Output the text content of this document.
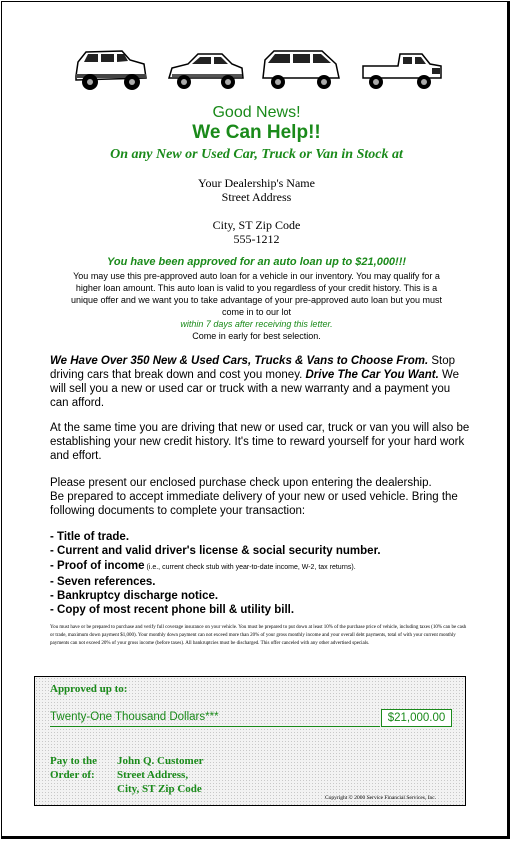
Good News!
We Can Help!!
On any New or Used Car, Truck or Van in Stock at
Your Dealership's Name
Street Address
City, ST Zip Code
555-1212
You have been approved for an auto loan up to $21,000!!!
You may use this pre-approved auto loan for a vehicle in our inventory. You may qualify for a
higher loan amount. This auto loan is valid to you regardless of your credit history. This is a
unique offer and we want you to take advantage of your pre-approved auto loan but you must
come in to our lot
within 7 days after receiving this letter.
Come in early for best selection.
We Have Over 350 New & Used Cars, Trucks & Vans to Choose From. Stop driving cars that break down and cost you money. Drive The Car You Want. We will sell you a new or used car or truck with a new warranty and a payment you can afford.
At the same time you are driving that new or used car, truck or van you will also be establishing your new credit history. It's time to reward yourself for your hard work and effort.
Please present our enclosed purchase check upon entering the dealership.
Be prepared to accept immediate delivery of your new or used vehicle. Bring the following documents to complete your transaction:
- Title of trade.
- Current and valid driver's license & social security number.
- Proof of income (i.e., current check stub with year-to-date income, W-2, tax returns).
- Seven references.
- Bankruptcy discharge notice.
- Copy of most recent phone bill & utility bill.
You must have or be prepared to purchase and verify full coverage insurance on your vehicle. You must be prepared to put down at least 10% of the purchase price of vehicle, including taxes (10% can be cash or trade, maximum down payment $1,000). Your monthly down payment can not exceed more than 20% of your gross monthly income and your overall debt payments, total of with your current monthly payments can not exceed 20% of your gross income (before taxes). All bankruptcies must be discharged. This offer canceled with any other advertised specials.
Approved up to:
Twenty-One Thousand Dollars***	$21,000.00
Pay to the
Order of:
John Q. Customer
Street Address,
City, ST Zip Code
Copyright © 2000 Service Financial Services, Inc.
